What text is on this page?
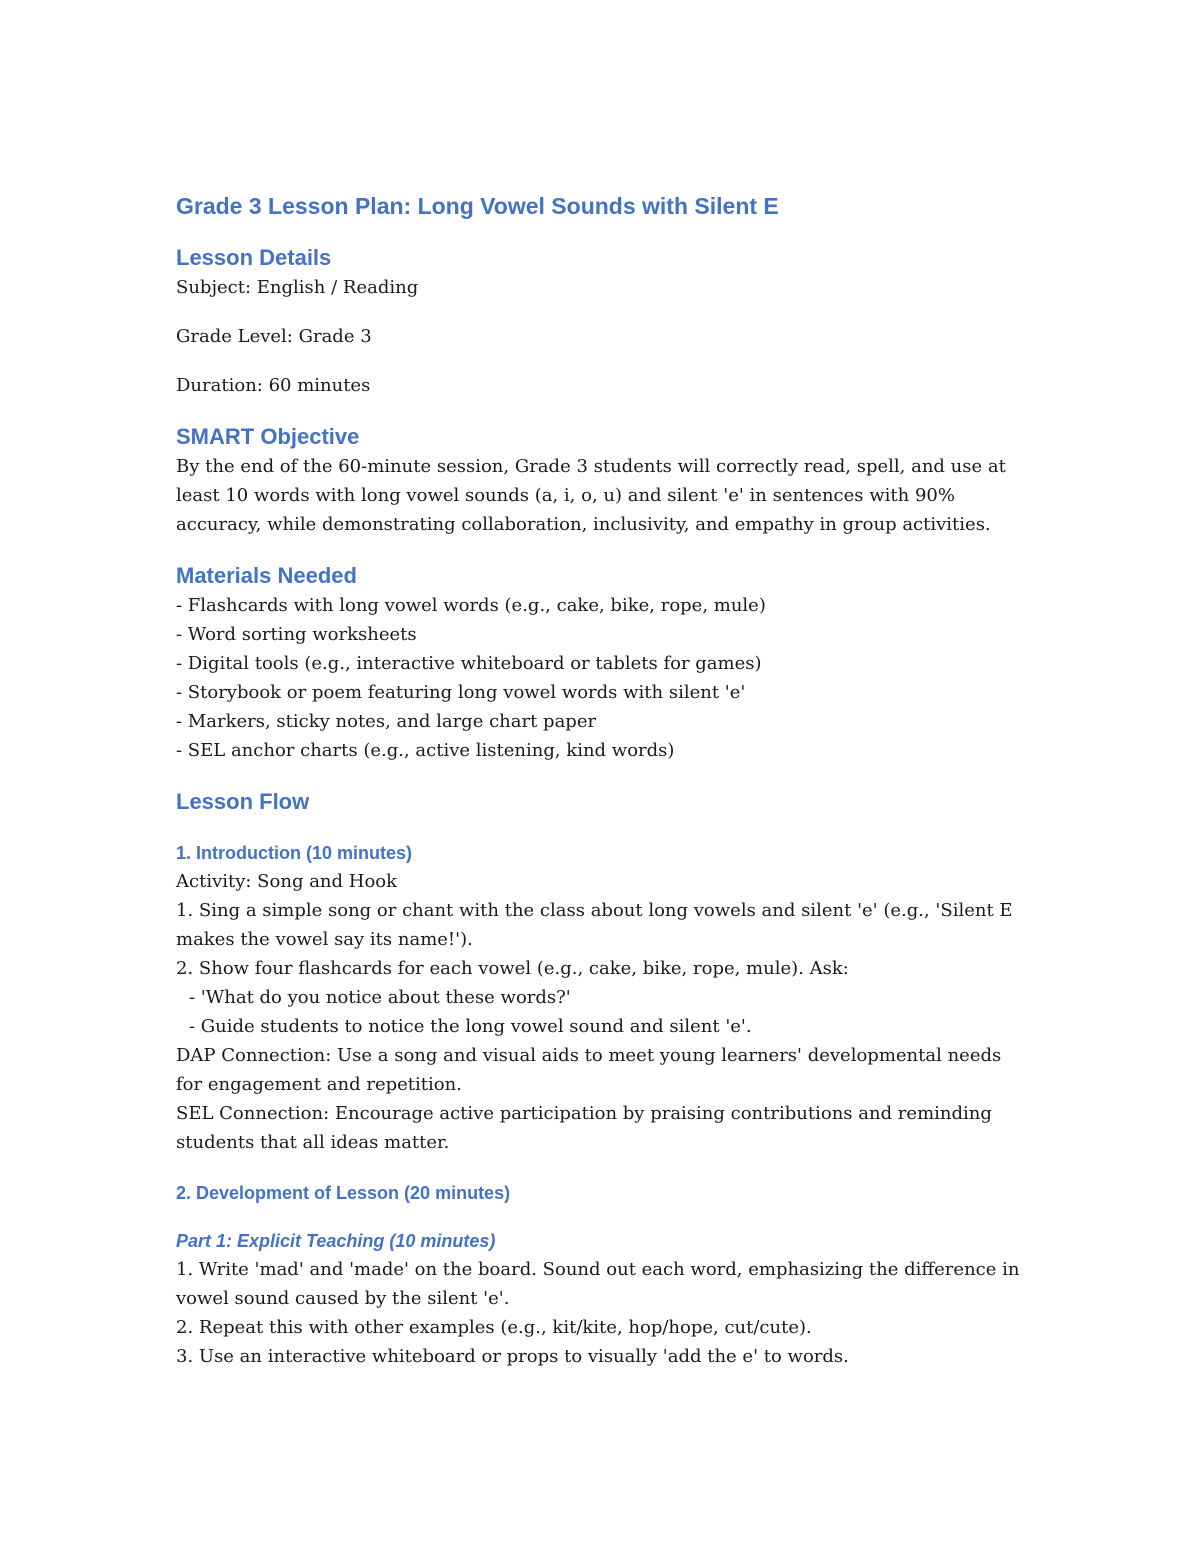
Grade 3 Lesson Plan: Long Vowel Sounds with Silent E
Lesson Details

Subject: English / Reading

Grade Level: Grade 3

Duration: 60 minutes

SMART Objective

By the end of the 60-minute session, Grade 3 students will correctly read, spell, and use at

least 10 words with long vowel sounds (a, i, o, u) and silent 'e' in sentences with 90%

accuracy, while demonstrating collaboration, inclusivity, and empathy in group activities.

Materials Needed

- Flashcards with long vowel words (e.g., cake, bike, rope, mule)

- Word sorting worksheets

- Digital tools (e.g., interactive whiteboard or tablets for games)

- Storybook or poem featuring long vowel words with silent 'e'

- Markers, sticky notes, and large chart paper

- SEL anchor charts (e.g., active listening, kind words)

Lesson Flow
1. Introduction (10 minutes)

Activity: Song and Hook

1. Sing a simple song or chant with the class about long vowels and silent 'e' (e.g., 'Silent E

makes the vowel say its name!').

2. Show four flashcards for each vowel (e.g., cake, bike, rope, mule). Ask:

- 'What do you notice about these words?'

- Guide students to notice the long vowel sound and silent 'e'.

DAP Connection: Use a song and visual aids to meet young learners' developmental needs

for engagement and repetition.

SEL Connection: Encourage active participation by praising contributions and reminding

students that all ideas matter.

2. Development of Lesson (20 minutes)
Part 1: Explicit Teaching (10 minutes)

1. Write 'mad' and 'made' on the board. Sound out each word, emphasizing the difference in

vowel sound caused by the silent 'e'.

2. Repeat this with other examples (e.g., kit/kite, hop/hope, cut/cute).

3. Use an interactive whiteboard or props to visually 'add the e' to words.
